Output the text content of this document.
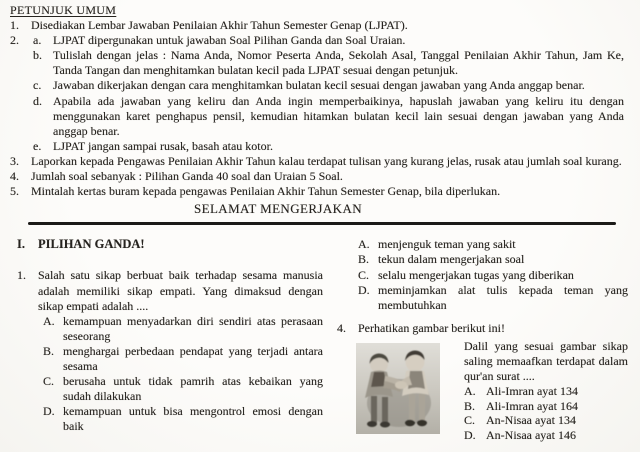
PETUNJUK UMUM
1.	Disediakan Lembar Jawaban Penilaian Akhir Tahun Semester Genap (LJPAT).
2.	a. LJPAT dipergunakan untuk jawaban Soal Pilihan Ganda dan Soal Uraian.
b. Tulislah dengan jelas : Nama Anda, Nomor Peserta Anda, Sekolah Asal, Tanggal Penilaian Akhir Tahun, Jam Ke, Tanda Tangan dan menghitamkan bulatan kecil pada LJPAT sesuai dengan petunjuk.
c. Jawaban dikerjakan dengan cara menghitamkan bulatan kecil sesuai dengan jawaban yang Anda anggap benar.
d. Apabila ada jawaban yang keliru dan Anda ingin memperbaikinya, hapuslah jawaban yang keliru itu dengan menggunakan karet penghapus pensil, kemudian hitamkan bulatan kecil lain sesuai dengan jawaban yang Anda anggap benar.
e. LJPAT jangan sampai rusak, basah atau kotor.
3.	Laporkan kepada Pengawas Penilaian Akhir Tahun kalau terdapat tulisan yang kurang jelas, rusak atau jumlah soal kurang.
4.	Jumlah soal sebanyak : Pilihan Ganda 40 soal dan Uraian 5 Soal.
5.	Mintalah kertas buram kepada pengawas Penilaian Akhir Tahun Semester Genap, bila diperlukan.
SELAMAT MENGERJAKAN
I.	PILIHAN GANDA!
1.	Salah satu sikap berbuat baik terhadap sesama manusia adalah memiliki sikap empati. Yang dimaksud dengan sikap empati adalah ....
A. kemampuan menyadarkan diri sendiri atas perasaan seseorang
B. menghargai perbedaan pendapat yang terjadi antara sesama
C. berusaha untuk tidak pamrih atas kebaikan yang sudah dilakukan
D. kemampuan untuk bisa mengontrol emosi dengan baik
A. menjenguk teman yang sakit
B. tekun dalam mengerjakan soal
C. selalu mengerjakan tugas yang diberikan
D. meminjamkan alat tulis kepada teman yang membutuhkan
4.	Perhatikan gambar berikut ini!
Dalil yang sesuai gambar sikap saling memaafkan terdapat dalam qur'an surat ....
A. Ali-Imran ayat 134
B. Ali-Imran ayat 164
C. An-Nisaa ayat 134
D. An-Nisaa ayat 146
